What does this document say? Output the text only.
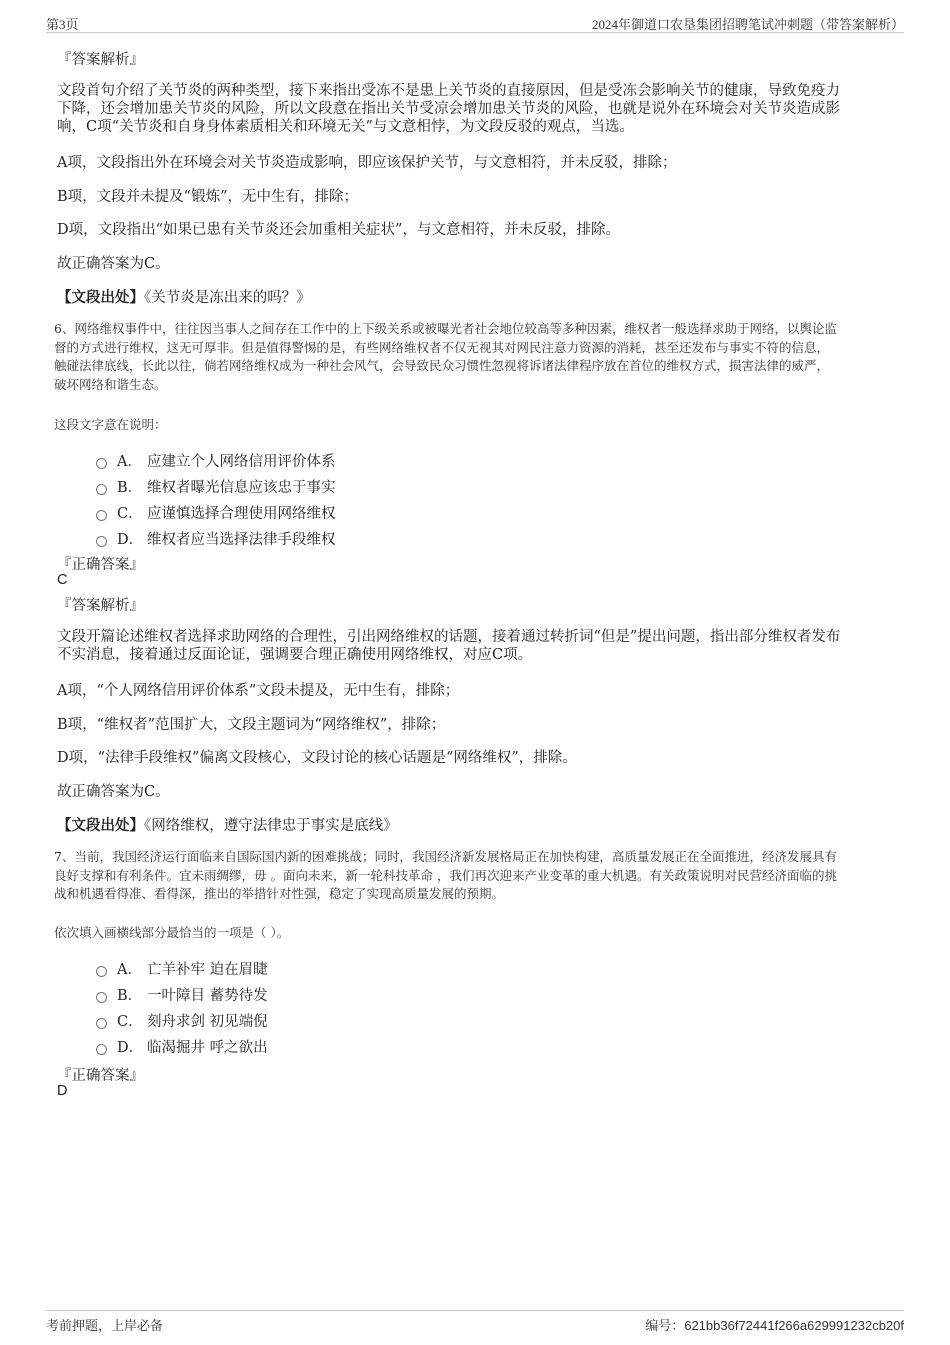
第3页	2024年御道口农垦集团招聘笔试冲刺题（带答案解析）
『答案解析』
文段首句介绍了关节炎的两种类型，接下来指出受冻不是患上关节炎的直接原因，但是受冻会影响关节的健康，导致免疫力
下降，还会增加患关节炎的风险，所以文段意在指出关节受凉会增加患关节炎的风险，也就是说外在环境会对关节炎造成影
响，C项“关节炎和自身身体素质相关和环境无关”与文意相悖，为文段反驳的观点，当选。
A项，文段指出外在环境会对关节炎造成影响，即应该保护关节，与文意相符，并未反驳，排除；
B项，文段并未提及“锻炼”，无中生有，排除；
D项，文段指出“如果已患有关节炎还会加重相关症状”，与文意相符，并未反驳，排除。
故正确答案为C。
【文段出处】《关节炎是冻出来的吗？》
6、网络维权事件中，往往因当事人之间存在工作中的上下级关系或被曝光者社会地位较高等多种因素，维权者一般选择求助于网络，以舆论监
督的方式进行维权，这无可厚非。但是值得警惕的是，有些网络维权者不仅无视其对网民注意力资源的消耗，甚至还发布与事实不符的信息，
触碰法律底线，长此以往，倘若网络维权成为一种社会风气，会导致民众习惯性忽视将诉诸法律程序放在首位的维权方式，损害法律的威严，
破坏网络和谐生态。
这段文字意在说明：
A． 应建立个人网络信用评价体系
B． 维权者曝光信息应该忠于事实
C． 应谨慎选择合理使用网络维权
D． 维权者应当选择法律手段维权
『正确答案』
C
『答案解析』
文段开篇论述维权者选择求助网络的合理性，引出网络维权的话题，接着通过转折词“但是”提出问题，指出部分维权者发布
不实消息，接着通过反面论证，强调要合理正确使用网络维权，对应C项。
A项，“个人网络信用评价体系”文段未提及，无中生有，排除；
B项，“维权者”范围扩大，文段主题词为“网络维权”，排除；
D项，“法律手段维权”偏离文段核心，文段讨论的核心话题是“网络维权”，排除。
故正确答案为C。
【文段出处】《网络维权，遵守法律忠于事实是底线》
7、当前，我国经济运行面临来自国际国内新的困难挑战；同时，我国经济新发展格局正在加快构建，高质量发展正在全面推进，经济发展具有
良好支撑和有利条件。宜未雨绸缪，毋 。面向未来，新一轮科技革命 ，我们再次迎来产业变革的重大机遇。有关政策说明对民营经济面临的挑
战和机遇看得准、看得深，推出的举措针对性强，稳定了实现高质量发展的预期。
依次填入画横线部分最恰当的一项是（ ）。
A． 亡羊补牢 迫在眉睫
B． 一叶障目 蓄势待发
C． 刻舟求剑 初见端倪
D． 临渴掘井 呼之欲出
『正确答案』
D
考前押题，上岸必备	编号：621bb36f72441f266a629991232cb20f
